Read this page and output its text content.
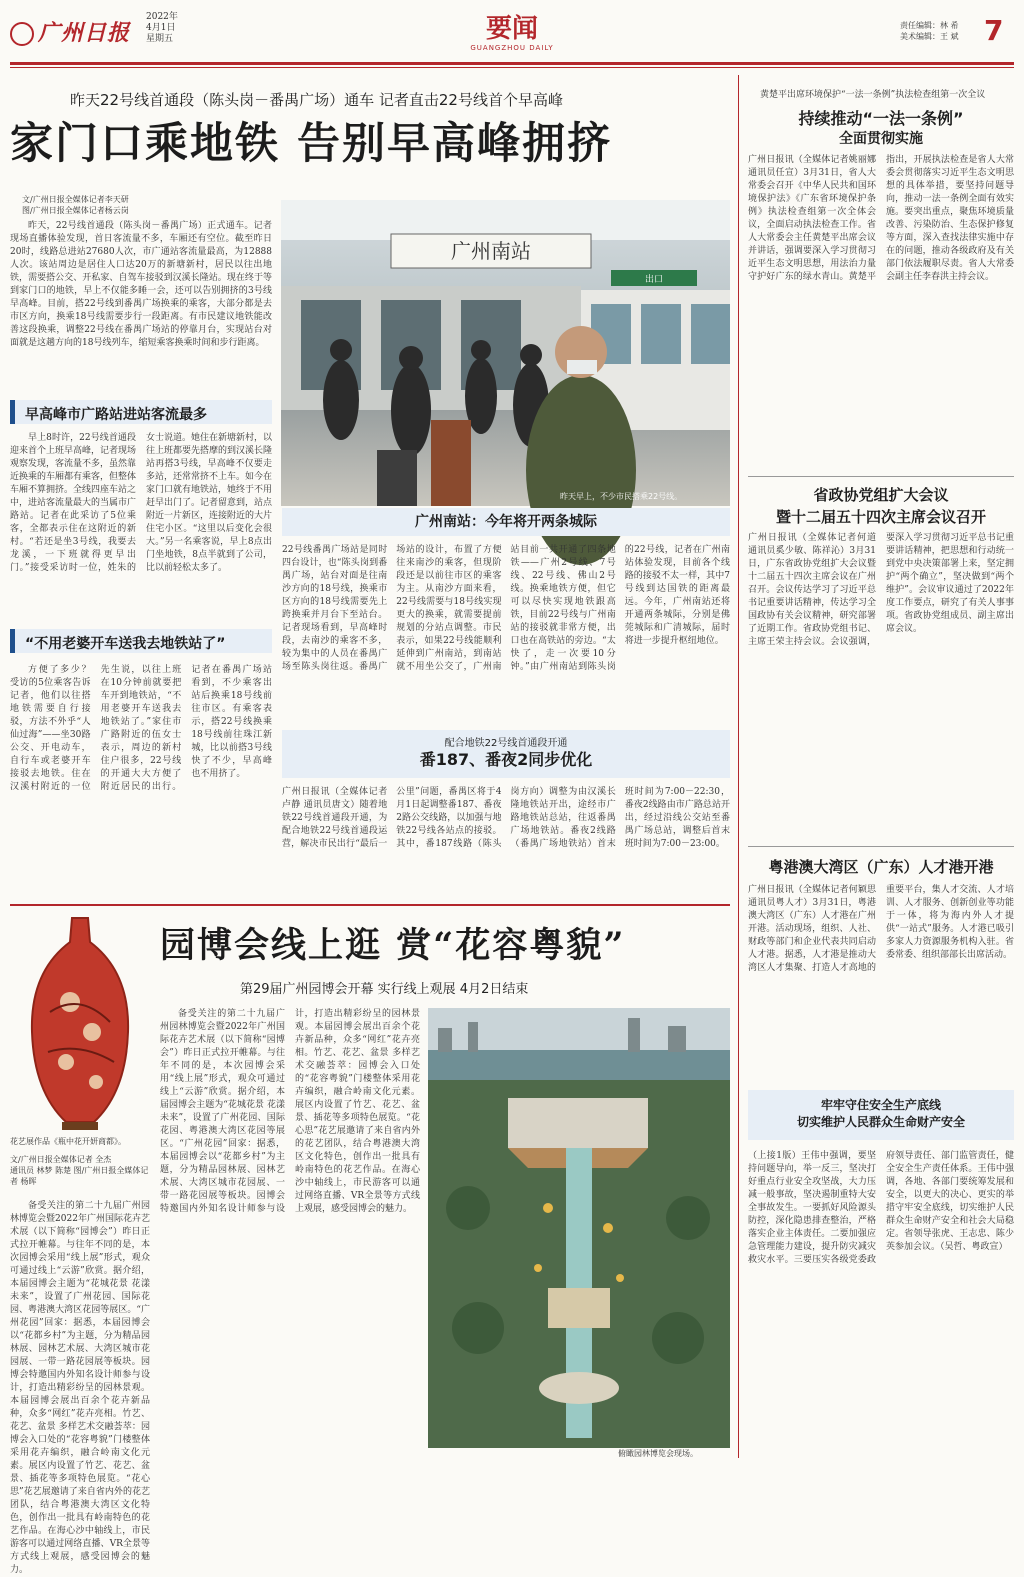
广州日报
2022年
4月1日
星期五	要闻
GUANGZHOU DAILY
责任编辑：林 希
美术编辑：王 斌 7
昨天22号线首通段（陈头岗－番禺广场）通车 记者直击22号线首个早高峰
家门口乘地铁 告别早高峰拥挤
文/广州日报全媒体记者李天研
图/广州日报全媒体记者杨云岗
昨天，22号线首通段（陈头岗－番禺广场）正式通车。记者现场直播体验发现，首日客流量不多，车厢还有空位。截至昨日20时，线路总进站27680人次，市广通站客流量最高，为12888人次。该站周边是居住人口达20万的新塘新村，居民以往出地铁，需要搭公交、开私家、自驾车接驳到汉溪长隆站。现在终于等到家门口的地铁，早上不仅能多睡一会，还可以告别拥挤的3号线早高峰。目前，搭22号线到番禺广场换乘的乘客，大部分都是去市区方向，换乘18号线需要步行一段距离。有市民建议地铁能改善这段换乘，调整22号线在番禺广场站的停靠月台，实现站台对面就是这趟方向的18号线列车，缩短乘客换乘时间和步行距离。
广州南站
出口
昨天早上，不少市民搭乘22号线。
早高峰市广路站进站客流最多
早上8时许，22号线首通段迎来首个上班早高峰，记者现场观察发现，客流量不多，虽然靠近换乘的车厢都有乘客，但整体车厢不算拥挤。全线四座车站之中，进站客流量最大的当属市广路站。记者在此采访了5位乘客，全都表示住在这附近的新村。“若还是坐3号线，我要去龙溪，一下班就得更早出门。”接受采访时一位，姓朱的女士说道。她住在新塘新村，以往上班都要先搭摩的到汉溪长隆站再搭3号线，早高峰不仅要走多站，还常常挤不上车。如今在家门口就有地铁站，她终于不用赶早出门了。记者留意到，站点附近一片新区，连接附近的大片住宅小区。“这里以后变化会很大。”另一名乘客说，早上8点出门坐地铁，8点半就到了公司，比以前轻松太多了。
“不用老婆开车送我去地铁站了”
方便了多少？受访的5位乘客告诉记者，他们以往搭地铁需要自行接驳，方法不外乎“人仙过海”——坐30路公交、开电动车，自行车或老婆开车接驳去地铁。住在汉溪村附近的一位先生说，以往上班在10分钟前就要把车开到地铁站，“不用老婆开车送我去地铁站了。”家住市广路附近的伍女士表示，周边的新村住户很多，22号线的开通大大方便了附近居民的出行。记者在番禺广场站看到，不少乘客出站后换乘18号线前往市区。有乘客表示，搭22号线换乘18号线前往珠江新城，比以前搭3号线快了不少，早高峰也不用挤了。
广州南站：今年将开两条城际
22号线番禺广场站是同时四台设计，也“陈头岗到番禺广场，站台对面是往南沙方向的18号线，换乘市区方向的18号线需要先上跨换乘并月台下至站台。记者现场看到，早高峰时段，去南沙的乘客不多，较为集中的人员在番禺广场至陈头岗往返。番禺广场站的设计，布置了方便往来南沙的乘客，但现阶段还是以前往市区的乘客为主。从南沙方面来看，22号线需要与18号线实现更大的换乘，就需要提前规划的分站点调整。市民表示，如果22号线能顺利延伸到广州南站，到南站就不用坐公交了，广州南站目前一共开通了四条地铁——广州2号线、7号线、22号线、佛山2号线。换乘地铁方便，但它可以尽快实现地铁跟高铁，目前22号线与广州南站的接驳就非常方便，出口也在高铁站的旁边。“太快了，走一次要10分钟。”由广州南站到陈头岗的22号线，记者在广州南站体验发现，目前各个线路的接驳不太一样，其中7号线到达国铁的距离最远。今年，广州南站还将开通两条城际，分别是佛莞城际和广清城际，届时将进一步提升枢纽地位。
配合地铁22号线首通段开通
番187、番夜2同步优化
广州日报讯（全媒体记者卢静 通讯员唐文）随着地铁22号线首通段开通，为配合地铁22号线首通段运营，解决市民出行“最后一公里”问题，番禺区将于4月1日起调整番187、番夜2路公交线路，以加强与地铁22号线各站点的接驳。其中，番187线路（陈头岗方向）调整为由汉溪长隆地铁站开出，途经市广路地铁站总站，往返番禺广场地铁站。番夜2线路（番禺广场地铁站）首末班时间为7:00－22:30，番夜2线路由市广路总站开出，经过沿线公交站至番禺广场总站，调整后首末班时间为7:00－23:00。
黄楚平出席环境保护“一法一条例”执法检查组第一次全议
持续推动“一法一条例”
全面贯彻实施
广州日报讯（全媒体记者姚丽娜 通讯员任宣）3月31日，省人大常委会召开《中华人民共和国环境保护法》《广东省环境保护条例》执法检查组第一次全体会议，全面启动执法检查工作。省人大常委会主任黄楚平出席会议并讲话，强调要深入学习贯彻习近平生态文明思想，用法治力量守护好广东的绿水青山。黄楚平指出，开展执法检查是省人大常委会贯彻落实习近平生态文明思想的具体举措，要坚持问题导向，推动一法一条例全面有效实施。要突出重点，聚焦环境质量改善、污染防治、生态保护修复等方面，深入查找法律实施中存在的问题，推动各级政府及有关部门依法履职尽责。省人大常委会副主任李春洪主持会议。
省政协党组扩大会议
暨十二届五十四次主席会议召开
广州日报讯（全媒体记者何道 通讯员奚少敏、陈祥沁）3月31日，广东省政协党组扩大会议暨十二届五十四次主席会议在广州召开。会议传达学习了习近平总书记重要讲话精神，传达学习全国政协有关会议精神，研究部署了近期工作。省政协党组书记、主席王荣主持会议。会议强调，要深入学习贯彻习近平总书记重要讲话精神，把思想和行动统一到党中央决策部署上来，坚定拥护“两个确立”，坚决做到“两个维护”。会议审议通过了2022年度工作要点，研究了有关人事事项。省政协党组成员、副主席出席会议。
粤港澳大湾区（广东）人才港开港
广州日报讯（全媒体记者何颖思 通讯员粤人才）3月31日，粤港澳大湾区（广东）人才港在广州开港。活动现场，组织、人社、财政等部门和企业代表共同启动人才港。据悉，人才港是推动大湾区人才集聚、打造人才高地的重要平台，集人才交流、人才培训、人才服务、创新创业等功能于一体，将为海内外人才提供“一站式”服务。人才港已吸引多家人力资源服务机构入驻。省委常委、组织部部长出席活动。
牢牢守住安全生产底线
切实维护人民群众生命财产安全
（上接1版）王伟中强调，要坚持问题导向，举一反三，坚决打好重点行业安全攻坚战，大力压减一般事故，坚决遏制重特大安全事故发生。一要抓好风险源头防控，深化隐患排查整治，严格落实企业主体责任。二要加强应急管理能力建设，提升防灾减灾救灾水平。三要压实各级党委政府领导责任、部门监管责任，健全安全生产责任体系。王伟中强调，各地、各部门要统筹发展和安全，以更大的决心、更实的举措守牢安全底线，切实维护人民群众生命财产安全和社会大局稳定。省领导张虎、王志忠、陈少英参加会议。（吴哲、粤政宣）
园博会线上逛 赏“花容粤貌”
第29届广州园博会开幕 实行线上观展 4月2日结束
花艺展作品《瓶中花开妍商都》。
文/广州日报全媒体记者 全杰
通讯员 林梦 陈楚 图/广州日报全媒体记者 杨晖
备受关注的第二十九届广州园林博览会暨2022年广州国际花卉艺术展（以下简称“园博会”）昨日正式拉开帷幕。与往年不同的是，本次园博会采用“线上展”形式，观众可通过线上“云游”欣赏。据介绍，本届园博会主题为“花城花景 花漾未来”，设置了广州花园、国际花园、粤港澳大湾区花园等展区。“广州花园”回家：据悉，本届园博会以“花都乡村”为主题，分为精品园林展、园林艺术展、大湾区城市花园展、一带一路花园展等板块。园博会特邀国内外知名设计师参与设计，打造出精彩纷呈的园林景观。本届园博会展出百余个花卉新品种，众多“网红”花卉亮相。竹艺、花艺、盆景 多样艺术交融荟萃：园博会入口处的“花容粤貌”门楼整体采用花卉编织，融合岭南文化元素。展区内设置了竹艺、花艺、盆景、插花等多项特色展览。“花心思”花艺展邀请了来自省内外的花艺团队，结合粤港澳大湾区文化特色，创作出一批具有岭南特色的花艺作品。在海心沙中轴线上，市民游客可以通过网络直播、VR全景等方式线上观展，感受园博会的魅力。
备受关注的第二十九届广州园林博览会暨2022年广州国际花卉艺术展（以下简称“园博会”）昨日正式拉开帷幕。与往年不同的是，本次园博会采用“线上展”形式，观众可通过线上“云游”欣赏。据介绍，本届园博会主题为“花城花景 花漾未来”，设置了广州花园、国际花园、粤港澳大湾区花园等展区。“广州花园”回家：据悉，本届园博会以“花都乡村”为主题，分为精品园林展、园林艺术展、大湾区城市花园展、一带一路花园展等板块。园博会特邀国内外知名设计师参与设计，打造出精彩纷呈的园林景观。本届园博会展出百余个花卉新品种，众多“网红”花卉亮相。竹艺、花艺、盆景 多样艺术交融荟萃：园博会入口处的“花容粤貌”门楼整体采用花卉编织，融合岭南文化元素。展区内设置了竹艺、花艺、盆景、插花等多项特色展览。“花心思”花艺展邀请了来自省内外的花艺团队，结合粤港澳大湾区文化特色，创作出一批具有岭南特色的花艺作品。在海心沙中轴线上，市民游客可以通过网络直播、VR全景等方式线上观展，感受园博会的魅力。
俯瞰园林博览会现场。
